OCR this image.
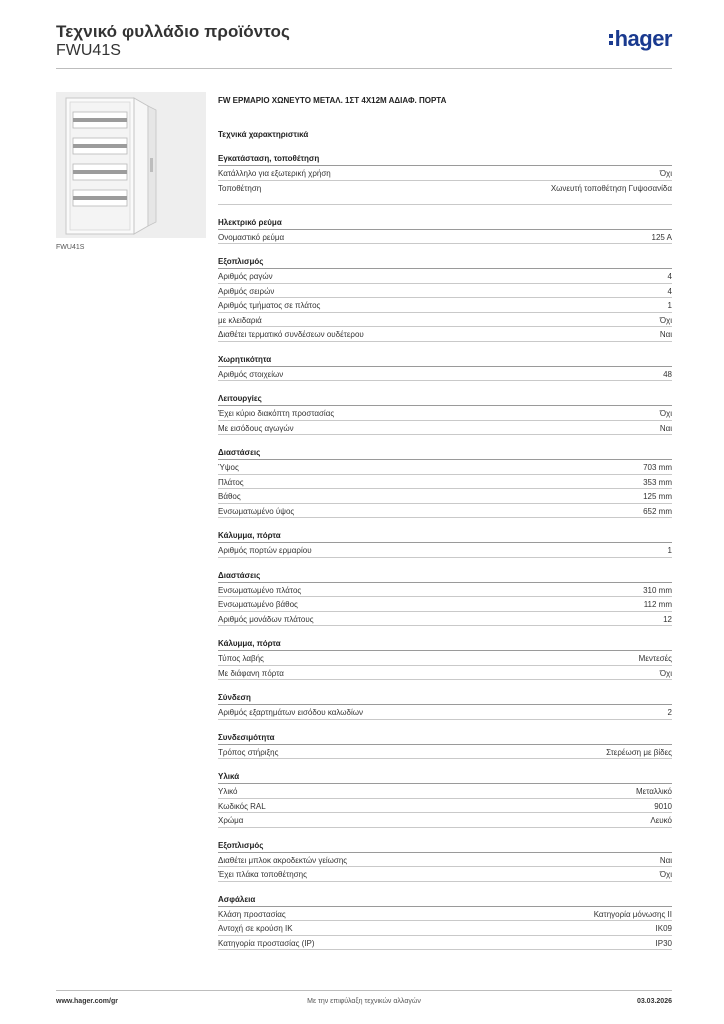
Τεχνικό φυλλάδιο προϊόντος
FWU41S	hager
FWU41S
FW ΕΡΜΑΡΙΟ ΧΩΝΕΥΤΟ ΜΕΤΑΛ. 1ΣΤ 4Χ12Μ ΑΔΙΑΦ. ΠΟΡΤΑ
Τεχνικά χαρακτηριστικά
Εγκατάσταση, τοποθέτηση
Κατάλληλο για εξωτερική χρήση	Όχι
Τοποθέτηση	Χωνευτή τοποθέτηση Γυψοσανίδα
Ηλεκτρικό ρεύμα
Ονομαστικό ρεύμα	125 A
Εξοπλισμός
Αριθμός ραγών	4
Αριθμός σειρών	4
Αριθμός τμήματος σε πλάτος	1
με κλειδαριά	Όχι
Διαθέτει τερματικό συνδέσεων ουδέτερου	Ναι
Χωρητικότητα
Αριθμός στοιχείων	48
Λειτουργίες
Έχει κύριο διακόπτη προστασίας	Όχι
Με εισόδους αγωγών	Ναι
Διαστάσεις
Ύψος	703 mm
Πλάτος	353 mm
Βάθος	125 mm
Ενσωματωμένο ύψος	652 mm
Κάλυμμα, πόρτα
Αριθμός πορτών ερμαρίου	1
Διαστάσεις
Ενσωματωμένο πλάτος	310 mm
Ενσωματωμένο βάθος	112 mm
Αριθμός μονάδων πλάτους	12
Κάλυμμα, πόρτα
Τύπος λαβής	Μεντεσές
Με διάφανη πόρτα	Όχι
Σύνδεση
Αριθμός εξαρτημάτων εισόδου καλωδίων	2
Συνδεσιμότητα
Τρόπος στήριξης	Στερέωση με βίδες
Υλικά
Υλικό	Μεταλλικό
Κωδικός RAL	9010
Χρώμα	Λευκό
Εξοπλισμός
Διαθέτει μπλοκ ακροδεκτών γείωσης	Ναι
Έχει πλάκα τοποθέτησης	Όχι
Ασφάλεια
Κλάση προστασίας	Κατηγορία μόνωσης II
Αντοχή σε κρούση IK	IK09
Κατηγορία προστασίας (IP)	IP30
www.hager.com/gr	Με την επιφύλαξη τεχνικών αλλαγών	03.03.2026
